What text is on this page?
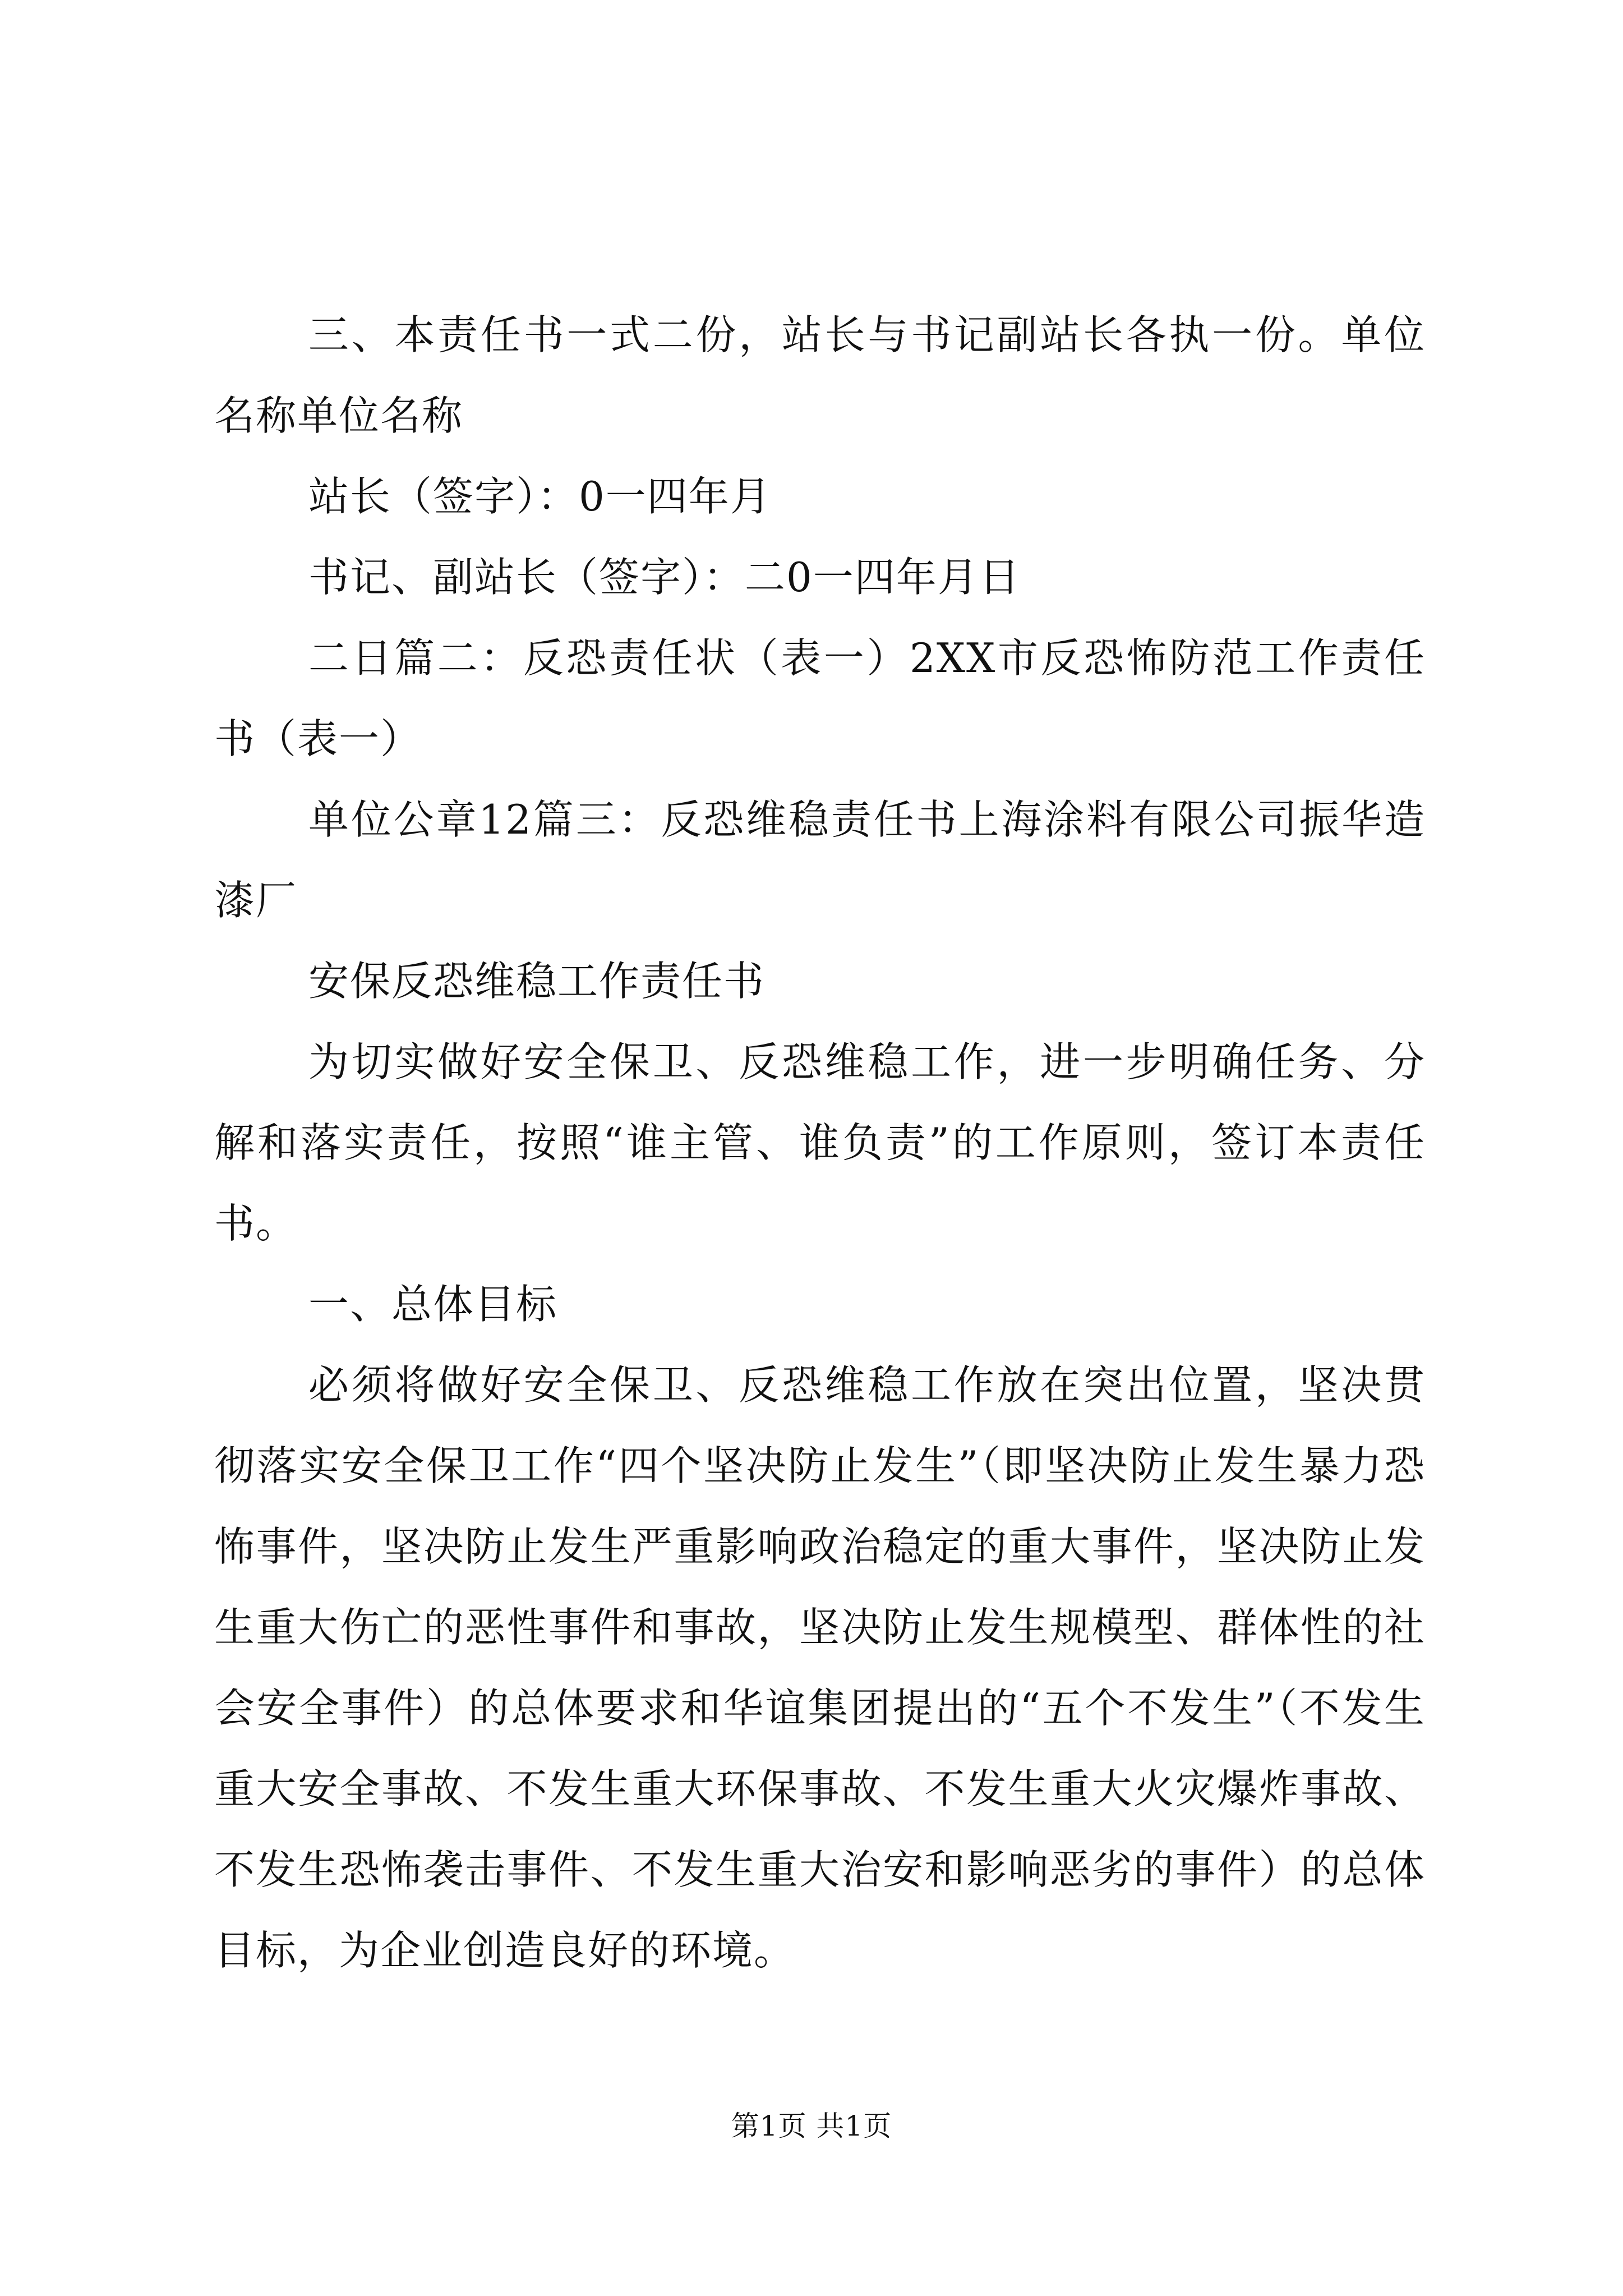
三、本责任书一式二份，站长与书记副站长各执一份。单位名称单位名称

站长（签字）：0一四年月

书记、副站长（签字）：二0一四年月日

二日篇二：反恐责任状（表一）2XX市反恐怖防范工作责任书（表一）

单位公章12篇三：反恐维稳责任书上海涂料有限公司振华造漆厂

安保反恐维稳工作责任书

为切实做好安全保卫、反恐维稳工作，进一步明确任务、分解和落实责任，按照“谁主管、谁负责”的工作原则，签订本责任书。

一、总体目标

必须将做好安全保卫、反恐维稳工作放在突出位置，坚决贯彻落实安全保卫工作“四个坚决防止发生”（即坚决防止发生暴力恐怖事件，坚决防止发生严重影响政治稳定的重大事件，坚决防止发生重大伤亡的恶性事件和事故，坚决防止发生规模型、群体性的社会安全事件）的总体要求和华谊集团提出的“五个不发生”（不发生重大安全事故、不发生重大环保事故、不发生重大火灾爆炸事故、不发生恐怖袭击事件、不发生重大治安和影响恶劣的事件）的总体目标，为企业创造良好的环境。

第1页 共1页
